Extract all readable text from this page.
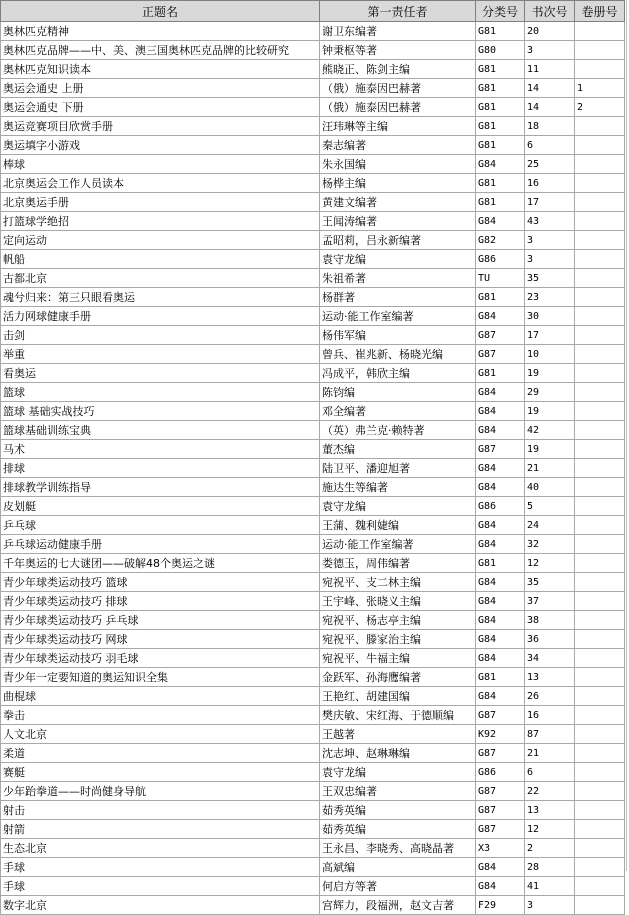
正题名	第一责任者	分类号	书次号	卷册号
奥林匹克精神	谢卫东编著	G81	20	
奥林匹克品牌——中、美、澳三国奥林匹克品牌的比较研究	钟秉枢等著	G80	3	
奥林匹克知识读本	熊晓正、陈剑主编	G81	11	
奥运会通史 上册	（俄）施泰因巴赫著	G81	14	1
奥运会通史 下册	（俄）施泰因巴赫著	G81	14	2
奥运竞赛项目欣赏手册	汪玮琳等主编	G81	18	
奥运填字小游戏	秦志编著	G81	6	
棒球	朱永国编	G84	25	
北京奥运会工作人员读本	杨桦主编	G81	16	
北京奥运手册	黄建文编著	G81	17	
打篮球学绝招	王闻涛编著	G84	43	
定向运动	孟昭莉，吕永新编著	G82	3	
帆船	袁守龙编	G86	3	
古都北京	朱祖希著	TU	35	
魂兮归来：第三只眼看奥运	杨群著	G81	23	
活力网球健康手册	运动·能工作室编著	G84	30	
击剑	杨伟军编	G87	17	
举重	曾兵、崔兆新、杨晓光编	G87	10	
看奥运	冯成平，韩欣主编	G81	19	
篮球	陈钧编	G84	29	
篮球 基础实战技巧	邓全编著	G84	19	
篮球基础训练宝典	（英）弗兰克·赖特著	G84	42	
马术	董杰编	G87	19	
排球	陆卫平、潘迎旭著	G84	21	
排球教学训练指导	施达生等编著	G84	40	
皮划艇	袁守龙编	G86	5	
乒乓球	王蒲、魏利婕编	G84	24	
乒乓球运动健康手册	运动·能工作室编著	G84	32	
千年奥运的七大谜团——破解48个奥运之谜	娄德玉，周伟编著	G81	12	
青少年球类运动技巧 篮球	宛祝平、支二林主编	G84	35	
青少年球类运动技巧 排球	王宇峰、张晓义主编	G84	37	
青少年球类运动技巧 乒乓球	宛祝平、杨志亭主编	G84	38	
青少年球类运动技巧 网球	宛祝平、滕家治主编	G84	36	
青少年球类运动技巧 羽毛球	宛祝平、牛福主编	G84	34	
青少年一定要知道的奥运知识全集	金跃军、孙海鹰编著	G81	13	
曲棍球	王艳红、胡建国编	G84	26	
拳击	樊庆敏、宋红海、于德顺编	G87	16	
人文北京	王越著	K92	87	
柔道	沈志坤、赵琳琳编	G87	21	
赛艇	袁守龙编	G86	6	
少年跆拳道——时尚健身导航	王双忠编著	G87	22	
射击	茹秀英编	G87	13	
射箭	茹秀英编	G87	12	
生态北京	王永昌、李晓秀、高晓晶著	X3	2	
手球	高斌编	G84	28	
手球	何启方等著	G84	41	
数字北京	宫辉力，段福洲，赵文吉著	F29	3	
